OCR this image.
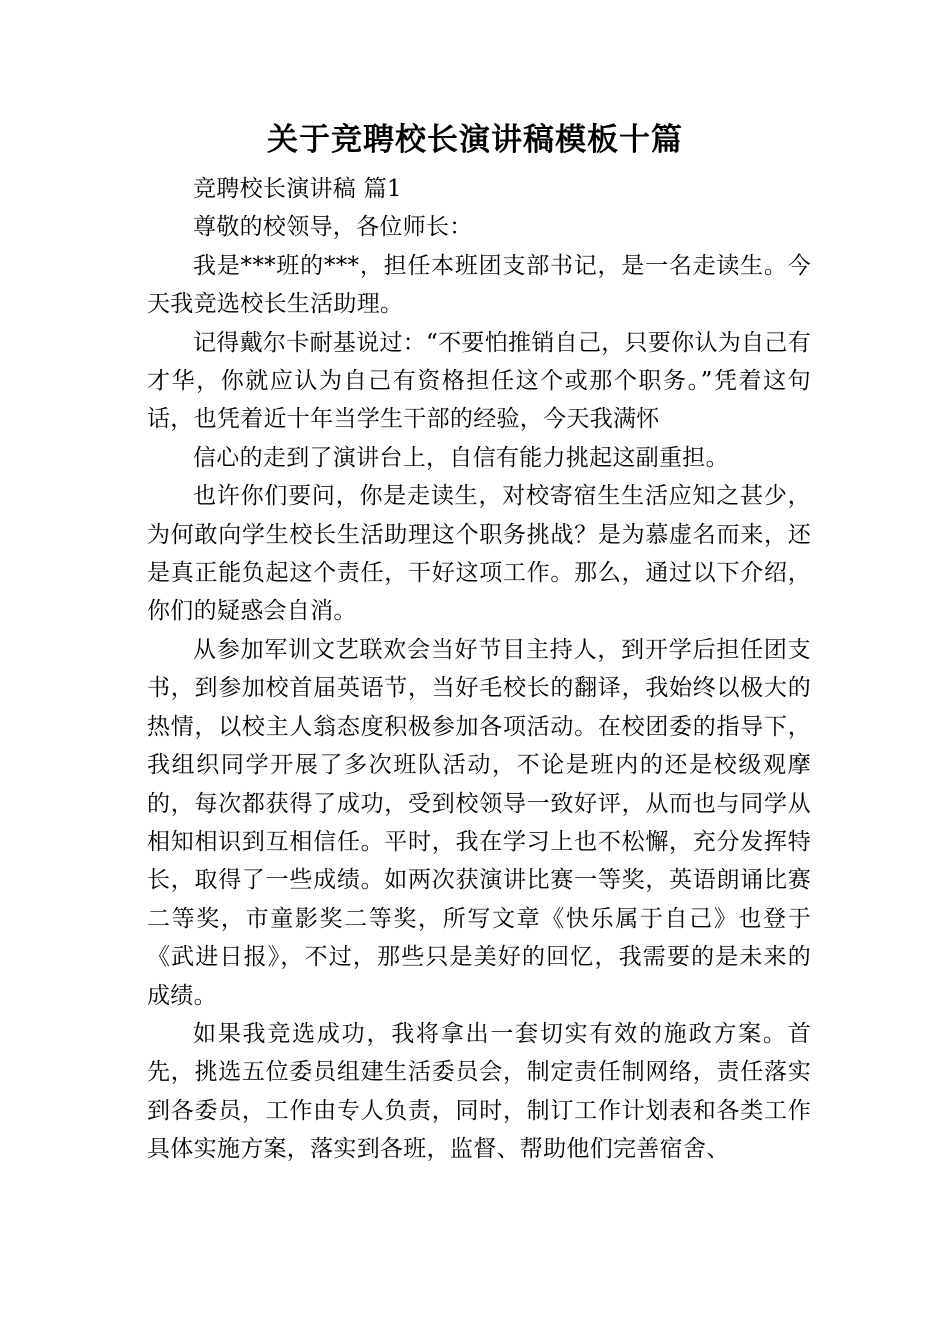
关于竞聘校长演讲稿模板十篇

竞聘校长演讲稿 篇1

尊敬的校领导，各位师长：

我是***班的***，担任本班团支部书记，是一名走读生。今天我竞选校长生活助理。

记得戴尔卡耐基说过：“不要怕推销自己，只要你认为自己有才华，你就应认为自己有资格担任这个或那个职务。”凭着这句话，也凭着近十年当学生干部的经验，今天我满怀

信心的走到了演讲台上，自信有能力挑起这副重担。

也许你们要问，你是走读生，对校寄宿生生活应知之甚少，为何敢向学生校长生活助理这个职务挑战？是为慕虚名而来，还是真正能负起这个责任，干好这项工作。那么，通过以下介绍，你们的疑惑会自消。

从参加军训文艺联欢会当好节目主持人，到开学后担任团支书，到参加校首届英语节，当好毛校长的翻译，我始终以极大的热情，以校主人翁态度积极参加各项活动。在校团委的指导下，我组织同学开展了多次班队活动，不论是班内的还是校级观摩的，每次都获得了成功，受到校领导一致好评，从而也与同学从相知相识到互相信任。平时，我在学习上也不松懈，充分发挥特长，取得了一些成绩。如两次获演讲比赛一等奖，英语朗诵比赛二等奖，市童影奖二等奖，所写文章《快乐属于自己》也登于《武进日报》，不过，那些只是美好的回忆，我需要的是未来的成绩。

如果我竞选成功，我将拿出一套切实有效的施政方案。首先，挑选五位委员组建生活委员会，制定责任制网络，责任落实到各委员，工作由专人负责，同时，制订工作计划表和各类工作具体实施方案，落实到各班，监督、帮助他们完善宿舍、
